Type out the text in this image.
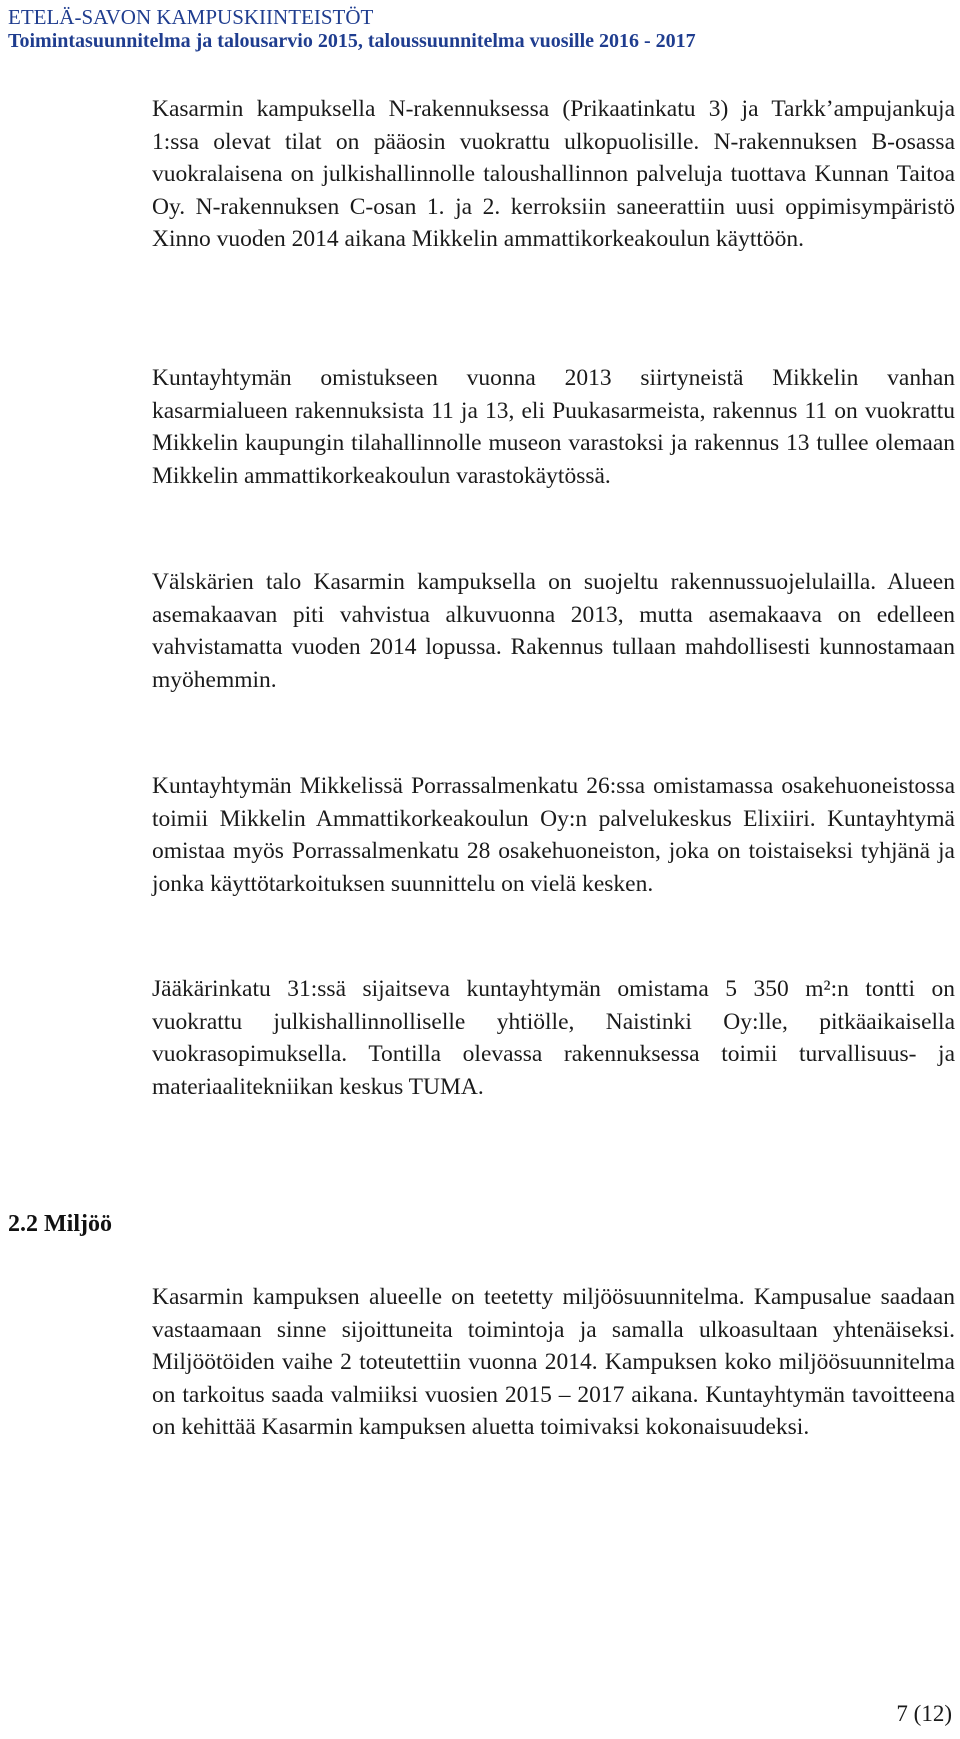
ETELÄ-SAVON KAMPUSKIINTEISTÖT
Toimintasuunnitelma ja talousarvio 2015, taloussuunnitelma vuosille 2016 - 2017

Kasarmin kampuksella N-rakennuksessa (Prikaatinkatu 3) ja Tarkk’ampujankuja 1:ssa olevat tilat on pääosin vuokrattu ulkopuolisille. N-rakennuksen B-osassa vuokralaisena on julkishallinnolle taloushallinnon palveluja tuottava Kunnan Taitoa Oy. N-rakennuksen C-osan 1. ja 2. kerroksiin saneerattiin uusi oppimisympäristö Xinno vuoden 2014 aikana Mikkelin ammattikorkeakoulun käyttöön.

Kuntayhtymän omistukseen vuonna 2013 siirtyneistä Mikkelin vanhan kasarmialueen rakennuksista 11 ja 13, eli Puukasarmeista, rakennus 11 on vuokrattu Mikkelin kaupungin tilahallinnolle museon varastoksi ja rakennus 13 tullee olemaan Mikkelin ammattikorkeakoulun varastokäytössä.

Välskärien talo Kasarmin kampuksella on suojeltu rakennussuojelulailla. Alueen asemakaavan piti vahvistua alkuvuonna 2013, mutta asemakaava on edelleen vahvistamatta vuoden 2014 lopussa. Rakennus tullaan mahdollisesti kunnostamaan myöhemmin.

Kuntayhtymän Mikkelissä Porrassalmenkatu 26:ssa omistamassa osakehuoneistossa toimii Mikkelin Ammattikorkeakoulun Oy:n palvelukeskus Elixiiri. Kuntayhtymä omistaa myös Porrassalmenkatu 28 osakehuoneiston, joka on toistaiseksi tyhjänä ja jonka käyttötarkoituksen suunnittelu on vielä kesken.

Jääkärinkatu 31:ssä sijaitseva kuntayhtymän omistama 5 350 m²:n tontti on vuokrattu julkishallinnolliselle yhtiölle, Naistinki Oy:lle, pitkäaikaisella vuokrasopimuksella. Tontilla olevassa rakennuksessa toimii turvallisuus- ja materiaalitekniikan keskus TUMA.

2.2 Miljöö

Kasarmin kampuksen alueelle on teetetty miljöösuunnitelma. Kampusalue saadaan vastaamaan sinne sijoittuneita toimintoja ja samalla ulkoasultaan yhtenäiseksi. Miljöötöiden vaihe 2 toteutettiin vuonna 2014. Kampuksen koko miljöösuunnitelma on tarkoitus saada valmiiksi vuosien 2015 – 2017 aikana. Kuntayhtymän tavoitteena on kehittää Kasarmin kampuksen aluetta toimivaksi kokonaisuudeksi.

7 (12)
